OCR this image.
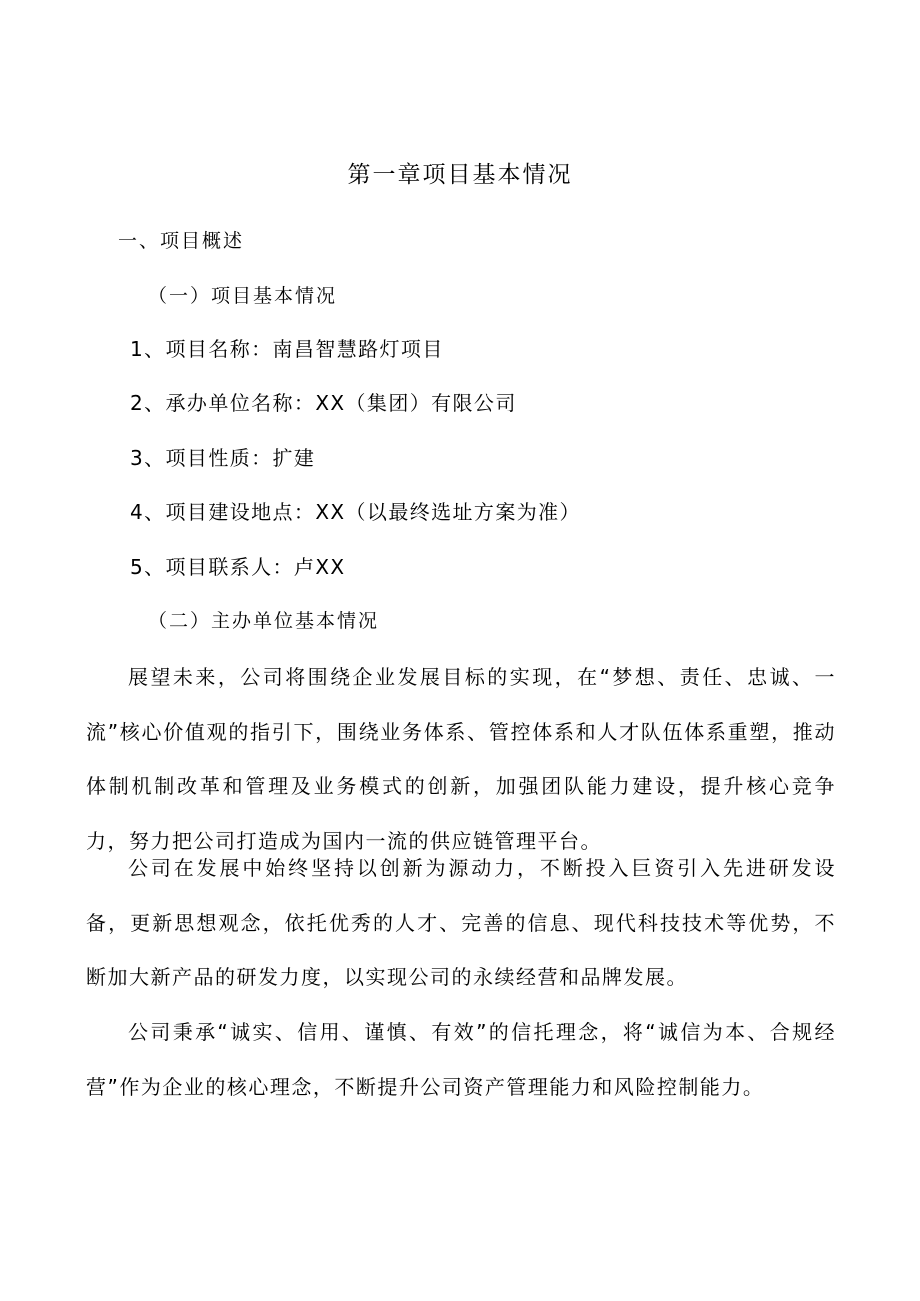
第一章项目基本情况
一、项目概述
（一）项目基本情况
1、项目名称：南昌智慧路灯项目
2、承办单位名称：XX（集团）有限公司
3、项目性质：扩建
4、项目建设地点：XX（以最终选址方案为准）
5、项目联系人：卢XX
（二）主办单位基本情况

展望未来，公司将围绕企业发展目标的实现，在“梦想、责任、忠诚、一流”核心价值观的指引下，围绕业务体系、管控体系和人才队伍体系重塑，推动体制机制改革和管理及业务模式的创新，加强团队能力建设，提升核心竞争力，努力把公司打造成为国内一流的供应链管理平台。

公司在发展中始终坚持以创新为源动力，不断投入巨资引入先进研发设备，更新思想观念，依托优秀的人才、完善的信息、现代科技技术等优势，不断加大新产品的研发力度，以实现公司的永续经营和品牌发展。

公司秉承“诚实、信用、谨慎、有效”的信托理念，将“诚信为本、合规经营”作为企业的核心理念，不断提升公司资产管理能力和风险控制能力。
